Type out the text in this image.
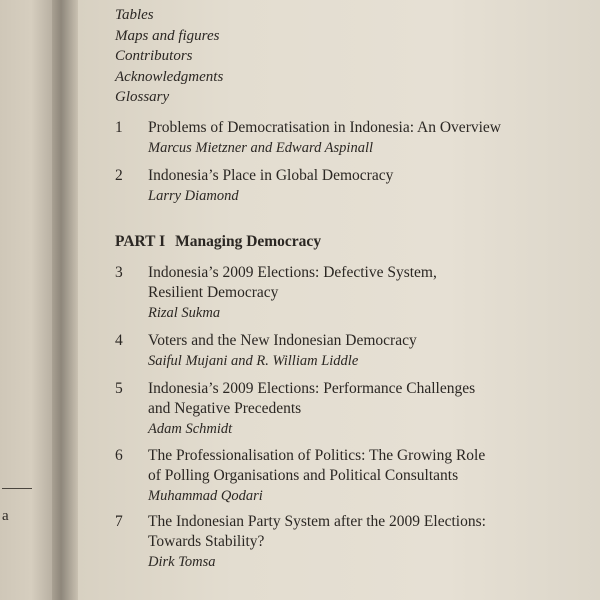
a
Tables
Maps and figures
Contributors
Acknowledgments
Glossary
1	Problems of Democratisation in Indonesia: An Overview
Marcus Mietzner and Edward Aspinall
2	Indonesia’s Place in Global Democracy
Larry Diamond
PART I Managing Democracy
3	Indonesia’s 2009 Elections: Defective System,
Resilient Democracy
Rizal Sukma
4	Voters and the New Indonesian Democracy
Saiful Mujani and R. William Liddle
5	Indonesia’s 2009 Elections: Performance Challenges
and Negative Precedents
Adam Schmidt
6	The Professionalisation of Politics: The Growing Role
of Polling Organisations and Political Consultants
Muhammad Qodari
7	The Indonesian Party System after the 2009 Elections:
Towards Stability?
Dirk Tomsa
